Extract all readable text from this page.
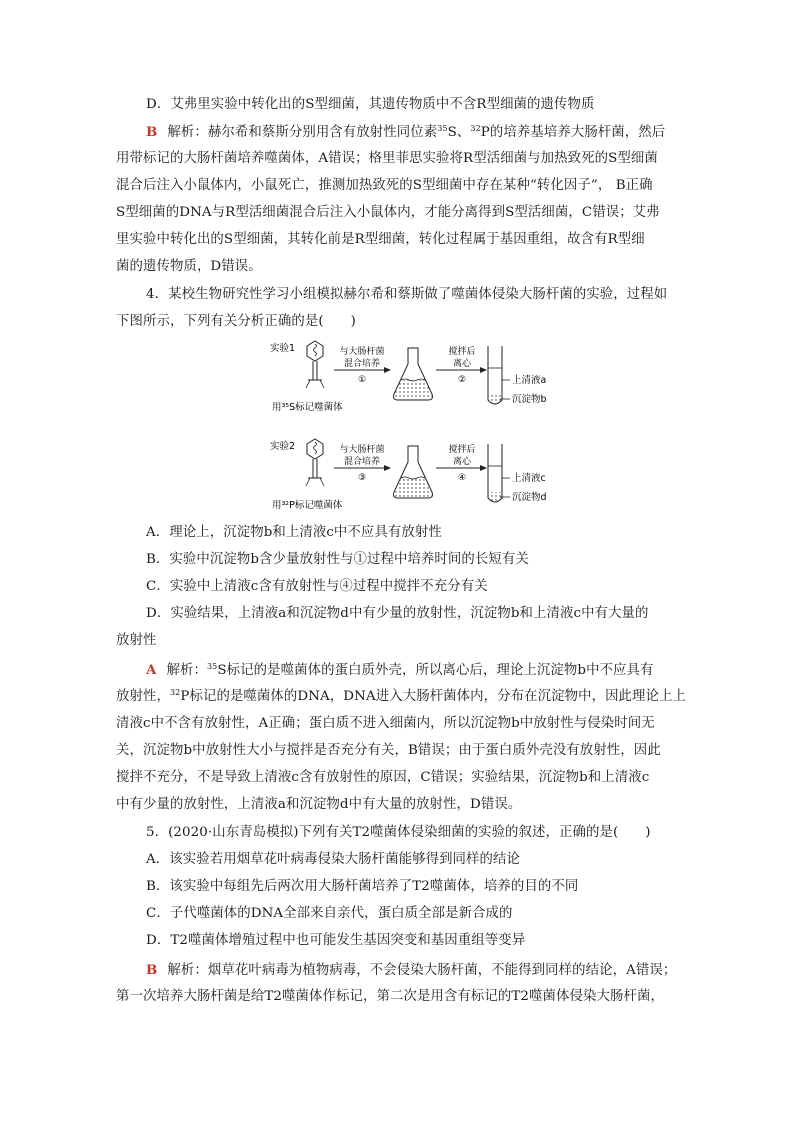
D．艾弗里实验中转化出的S型细菌，其遗传物质中不含R型细菌的遗传物质
B 解析：赫尔希和蔡斯分别用含有放射性同位素$^{35}$S、$^{32}$P的培养基培养大肠杆菌，然后
用带标记的大肠杆菌培养噬菌体，A错误；格里菲思实验将R型活细菌与加热致死的S型细菌
混合后注入小鼠体内，小鼠死亡，推测加热致死的S型细菌中存在某种“转化因子”， B正确
S型细菌的DNA与R型活细菌混合后注入小鼠体内，才能分离得到S型活细菌，C错误；艾弗
里实验中转化出的S型细菌，其转化前是R型细菌，转化过程属于基因重组，故含有R型细
菌的遗传物质，D错误。
4．某校生物研究性学习小组模拟赫尔希和蔡斯做了噬菌体侵染大肠杆菌的实验，过程如
下图所示，下列有关分析正确的是(　　)
实验1
用³⁵S标记噬菌体
与大肠杆菌
混合培养
①
搅拌后
离心
②	上清液a
沉淀物b
实验2
用³²P标记噬菌体
与大肠杆菌
混合培养
③
搅拌后
离心
④	上清液c
沉淀物d
A．理论上，沉淀物b和上清液c中不应具有放射性
B．实验中沉淀物b含少量放射性与①过程中培养时间的长短有关
C．实验中上清液c含有放射性与④过程中搅拌不充分有关
D．实验结果，上清液a和沉淀物d中有少量的放射性，沉淀物b和上清液c中有大量的
放射性
A 解析：$^{35}$S标记的是噬菌体的蛋白质外壳，所以离心后，理论上沉淀物b中不应具有
放射性，$^{32}$P标记的是噬菌体的DNA，DNA进入大肠杆菌体内，分布在沉淀物中，因此理论上上
清液c中不含有放射性，A正确；蛋白质不进入细菌内，所以沉淀物b中放射性与侵染时间无
关，沉淀物b中放射性大小与搅拌是否充分有关，B错误；由于蛋白质外壳没有放射性，因此
搅拌不充分，不是导致上清液c含有放射性的原因，C错误；实验结果，沉淀物b和上清液c
中有少量的放射性，上清液a和沉淀物d中有大量的放射性，D错误。
5．(2020·山东青岛模拟)下列有关T2噬菌体侵染细菌的实验的叙述，正确的是(　　)
A．该实验若用烟草花叶病毒侵染大肠杆菌能够得到同样的结论
B．该实验中每组先后两次用大肠杆菌培养了T2噬菌体，培养的目的不同
C．子代噬菌体的DNA全部来自亲代，蛋白质全部是新合成的
D．T2噬菌体增殖过程中也可能发生基因突变和基因重组等变异
B 解析：烟草花叶病毒为植物病毒，不会侵染大肠杆菌，不能得到同样的结论，A错误；
第一次培养大肠杆菌是给T2噬菌体作标记，第二次是用含有标记的T2噬菌体侵染大肠杆菌，
